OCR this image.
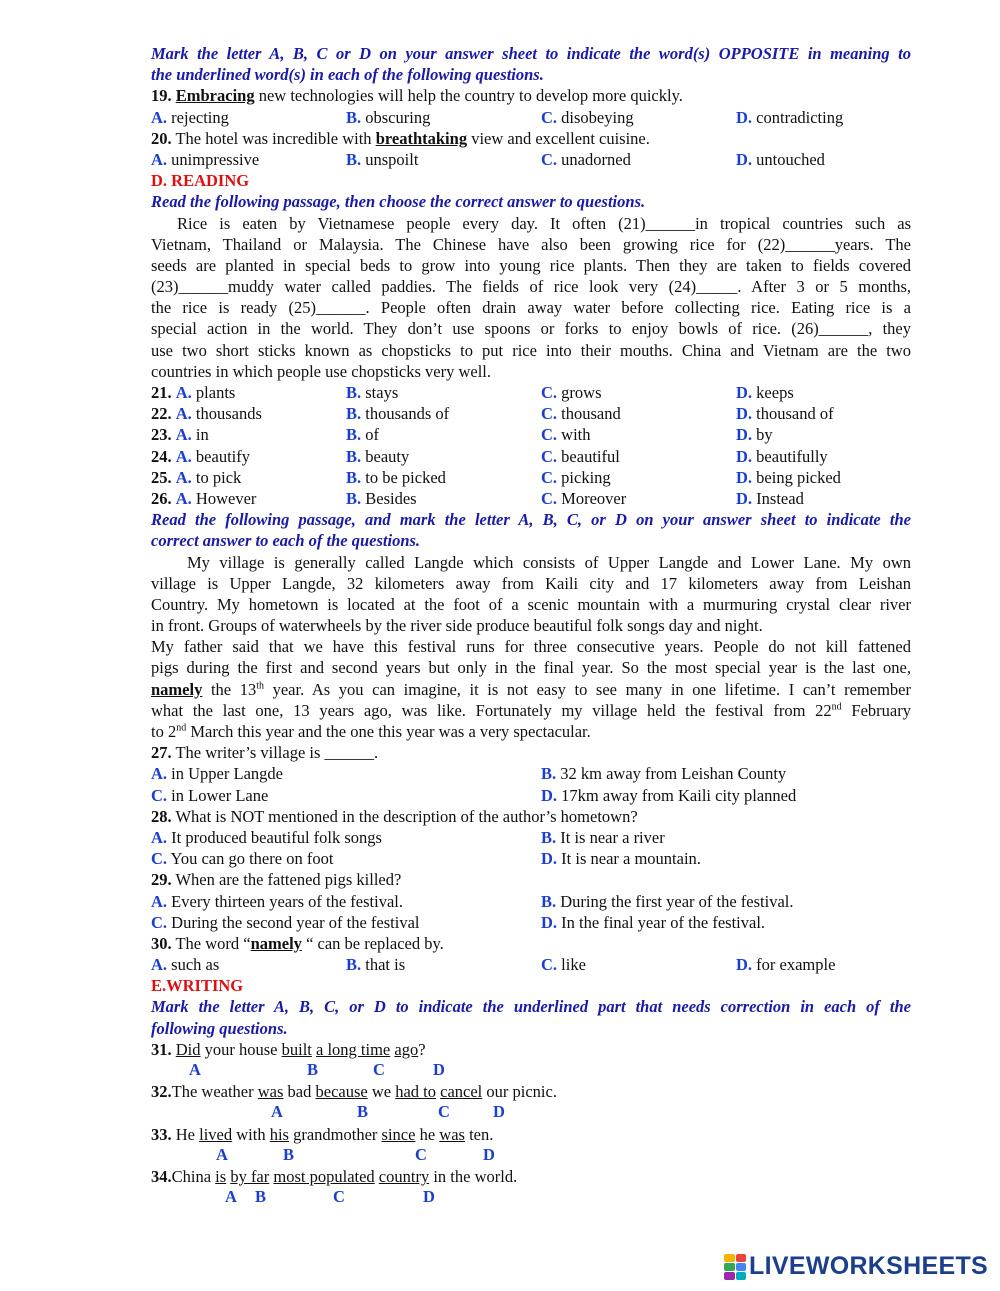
Mark the letter A, B, C or D on your answer sheet to indicate the word(s) OPPOSITE in meaning to
the underlined word(s) in each of the following questions.
19. Embracing new technologies will help the country to develop more quickly.
A. rejecting	B. obscuring	C. disobeying	D. contradicting
20. The hotel was incredible with breathtaking view and excellent cuisine.
A. unimpressive	B. unspoilt	C. unadorned	D. untouched
D. READING
Read the following passage, then choose the correct answer to questions.
Rice is eaten by Vietnamese people every day. It often (21)______in tropical countries such as
Vietnam, Thailand or Malaysia. The Chinese have also been growing rice for (22)______years. The
seeds are planted in special beds to grow into young rice plants. Then they are taken to fields covered
(23)______muddy water called paddies. The fields of rice look very (24)_____. After 3 or 5 months,
the rice is ready (25)______. People often drain away water before collecting rice. Eating rice is a
special action in the world. They don’t use spoons or forks to enjoy bowls of rice. (26)______, they
use two short sticks known as chopsticks to put rice into their mouths. China and Vietnam are the two
countries in which people use chopsticks very well.
21. A. plants	B. stays	C. grows	D. keeps
22. A. thousands	B. thousands of	C. thousand	D. thousand of
23. A. in	B. of	C. with	D. by
24. A. beautify	B. beauty	C. beautiful	D. beautifully
25. A. to pick	B. to be picked	C. picking	D. being picked
26. A. However	B. Besides	C. Moreover	D. Instead
Read the following passage, and mark the letter A, B, C, or D on your answer sheet to indicate the
correct answer to each of the questions.
My village is generally called Langde which consists of Upper Langde and Lower Lane. My own
village is Upper Langde, 32 kilometers away from Kaili city and 17 kilometers away from Leishan
Country. My hometown is located at the foot of a scenic mountain with a murmuring crystal clear river
in front. Groups of waterwheels by the river side produce beautiful folk songs day and night.
My father said that we have this festival runs for three consecutive years. People do not kill fattened
pigs during the first and second years but only in the final year. So the most special year is the last one,
namely the 13th year. As you can imagine, it is not easy to see many in one lifetime. I can’t remember
what the last one, 13 years ago, was like. Fortunately my village held the festival from 22nd February
to 2nd March this year and the one this year was a very spectacular.
27. The writer’s village is ______.
A. in Upper Langde	B. 32 km away from Leishan County
C. in Lower Lane	D. 17km away from Kaili city planned
28. What is NOT mentioned in the description of the author’s hometown?
A. It produced beautiful folk songs	B. It is near a river
C. You can go there on foot	D. It is near a mountain.
29. When are the fattened pigs killed?
A. Every thirteen years of the festival.	B. During the first year of the festival.
C. During the second year of the festival	D. In the final year of the festival.
30. The word “namely “ can be replaced by.
A. such as	B. that is	C. like	D. for example
E.WRITING
Mark the letter A, B, C, or D to indicate the underlined part that needs correction in each of the
following questions.
31. Did your house built a long time ago?
A	B	C	D
32.The weather was bad because we had to cancel our picnic.
A	B	C	D
33. He lived with his grandmother since he was ten.
A	B	C	D
34.China is by far most populated country in the world.
A B	C	D
LIVEWORKSHEETS
